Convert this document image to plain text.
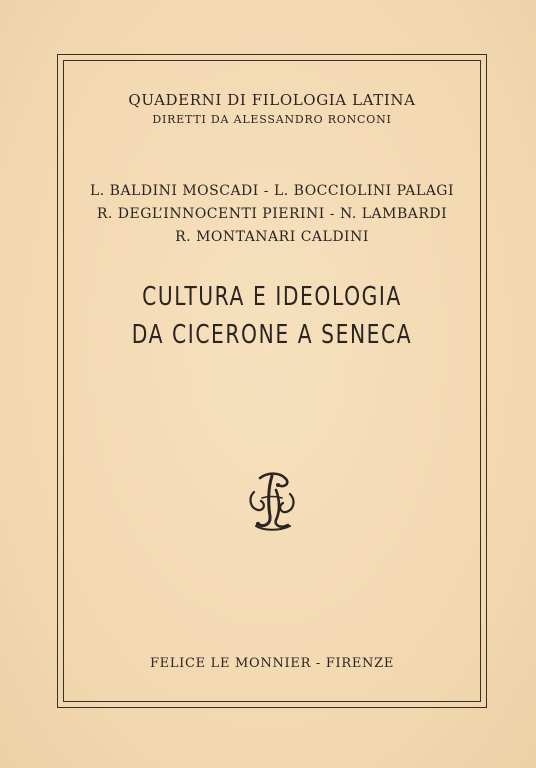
QUADERNI DI FILOLOGIA LATINA
DIRETTI DA ALESSANDRO RONCONI
L. BALDINI MOSCADI - L. BOCCIOLINI PALAGI
R. DEGL’INNOCENTI PIERINI - N. LAMBARDI
R. MONTANARI CALDINI
CULTURA E IDEOLOGIA
DA CICERONE A SENECA
FELICE LE MONNIER - FIRENZE
